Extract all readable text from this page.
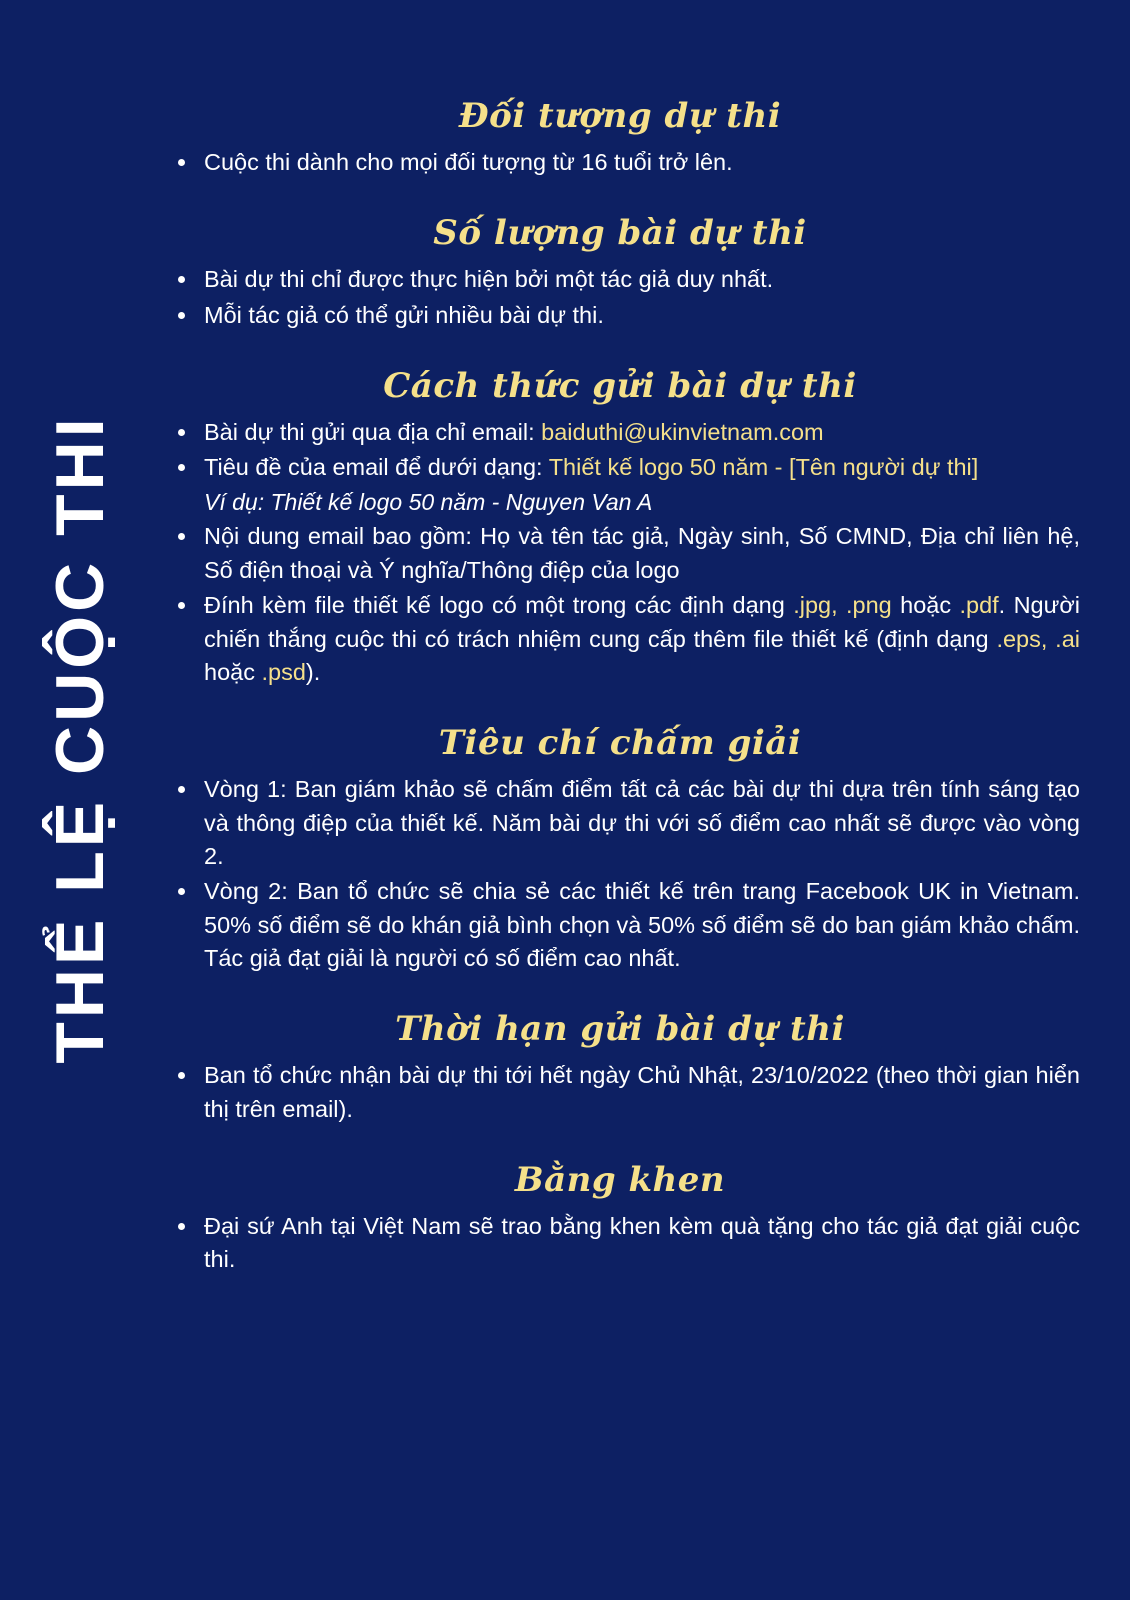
THỂ LỆ CUỘC THI
Đối tượng dự thi
Cuộc thi dành cho mọi đối tượng từ 16 tuổi trở lên.
Số lượng bài dự thi
Bài dự thi chỉ được thực hiện bởi một tác giả duy nhất.
Mỗi tác giả có thể gửi nhiều bài dự thi.
Cách thức gửi bài dự thi
Bài dự thi gửi qua địa chỉ email: baiduthi@ukinvietnam.com
Tiêu đề của email để dưới dạng: Thiết kế logo 50 năm - [Tên người dự thi]
Ví dụ: Thiết kế logo 50 năm - Nguyen Van A
Nội dung email bao gồm: Họ và tên tác giả, Ngày sinh, Số CMND, Địa chỉ liên hệ, Số điện thoại và Ý nghĩa/Thông điệp của logo
Đính kèm file thiết kế logo có một trong các định dạng .jpg, .png hoặc .pdf. Người chiến thắng cuộc thi có trách nhiệm cung cấp thêm file thiết kế (định dạng .eps, .ai hoặc .psd).
Tiêu chí chấm giải
Vòng 1: Ban giám khảo sẽ chấm điểm tất cả các bài dự thi dựa trên tính sáng tạo và thông điệp của thiết kế. Năm bài dự thi với số điểm cao nhất sẽ được vào vòng 2.
Vòng 2: Ban tổ chức sẽ chia sẻ các thiết kế trên trang Facebook UK in Vietnam. 50% số điểm sẽ do khán giả bình chọn và 50% số điểm sẽ do ban giám khảo chấm. Tác giả đạt giải là người có số điểm cao nhất.
Thời hạn gửi bài dự thi
Ban tổ chức nhận bài dự thi tới hết ngày Chủ Nhật, 23/10/2022 (theo thời gian hiển thị trên email).
Bằng khen
Đại sứ Anh tại Việt Nam sẽ trao bằng khen kèm quà tặng cho tác giả đạt giải cuộc thi.
